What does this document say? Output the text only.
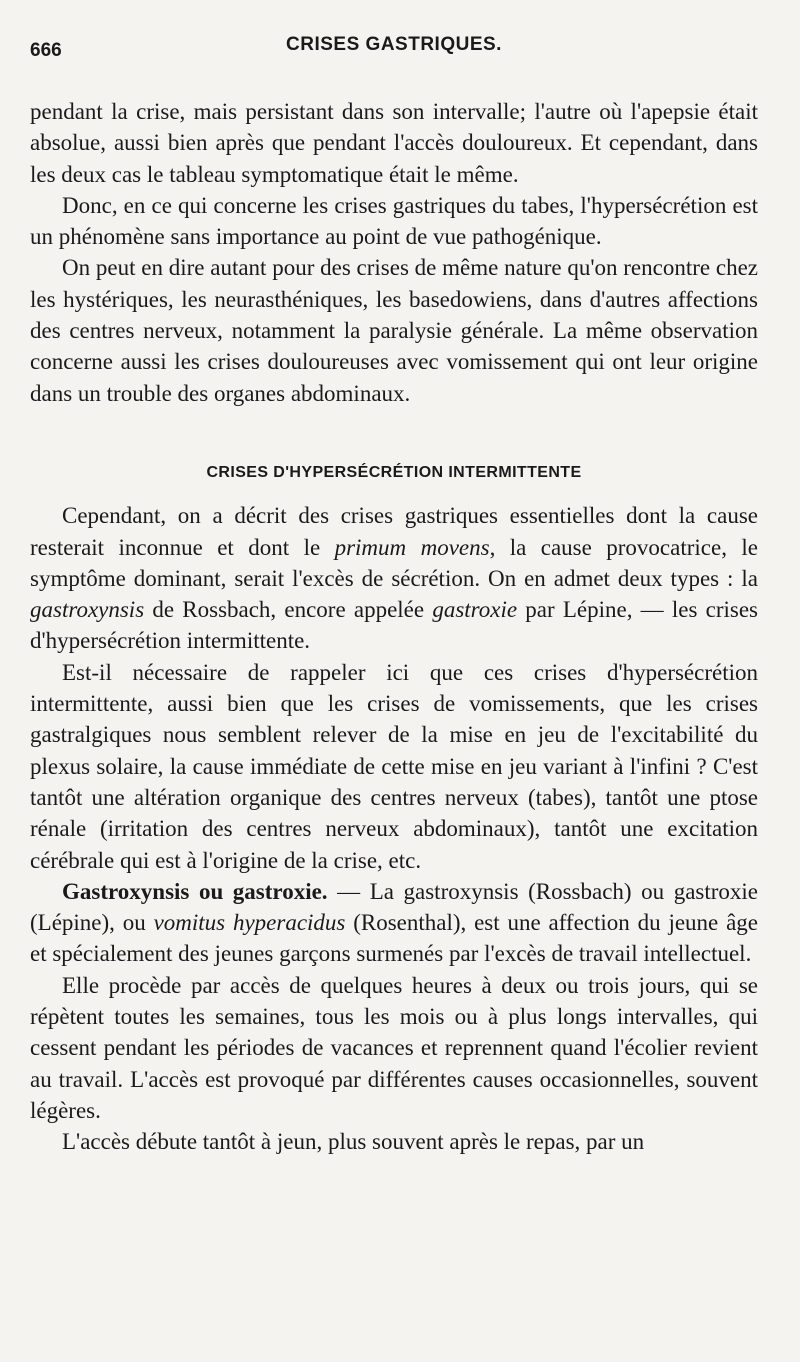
666	CRISES GASTRIQUES.

pendant la crise, mais persistant dans son intervalle; l'autre où l'apepsie était absolue, aussi bien après que pendant l'accès douloureux. Et cependant, dans les deux cas le tableau symptomatique était le même.

Donc, en ce qui concerne les crises gastriques du tabes, l'hypersécrétion est un phénomène sans importance au point de vue pathogénique.

On peut en dire autant pour des crises de même nature qu'on rencontre chez les hystériques, les neurasthéniques, les basedowiens, dans d'autres affections des centres nerveux, notamment la paralysie générale. La même observation concerne aussi les crises douloureuses avec vomissement qui ont leur origine dans un trouble des organes abdominaux.

CRISES D'HYPERSÉCRÉTION INTERMITTENTE

Cependant, on a décrit des crises gastriques essentielles dont la cause resterait inconnue et dont le primum movens, la cause provocatrice, le symptôme dominant, serait l'excès de sécrétion. On en admet deux types : la gastroxynsis de Rossbach, encore appelée gastroxie par Lépine, — les crises d'hypersécrétion intermittente.

Est-il nécessaire de rappeler ici que ces crises d'hypersécrétion intermittente, aussi bien que les crises de vomissements, que les crises gastralgiques nous semblent relever de la mise en jeu de l'excitabilité du plexus solaire, la cause immédiate de cette mise en jeu variant à l'infini ? C'est tantôt une altération organique des centres nerveux (tabes), tantôt une ptose rénale (irritation des centres nerveux abdominaux), tantôt une excitation cérébrale qui est à l'origine de la crise, etc.

Gastroxynsis ou gastroxie. — La gastroxynsis (Rossbach) ou gastroxie (Lépine), ou vomitus hyperacidus (Rosenthal), est une affection du jeune âge et spécialement des jeunes garçons surmenés par l'excès de travail intellectuel.

Elle procède par accès de quelques heures à deux ou trois jours, qui se répètent toutes les semaines, tous les mois ou à plus longs intervalles, qui cessent pendant les périodes de vacances et reprennent quand l'écolier revient au travail. L'accès est provoqué par différentes causes occasionnelles, souvent légères.

L'accès débute tantôt à jeun, plus souvent après le repas, par un
